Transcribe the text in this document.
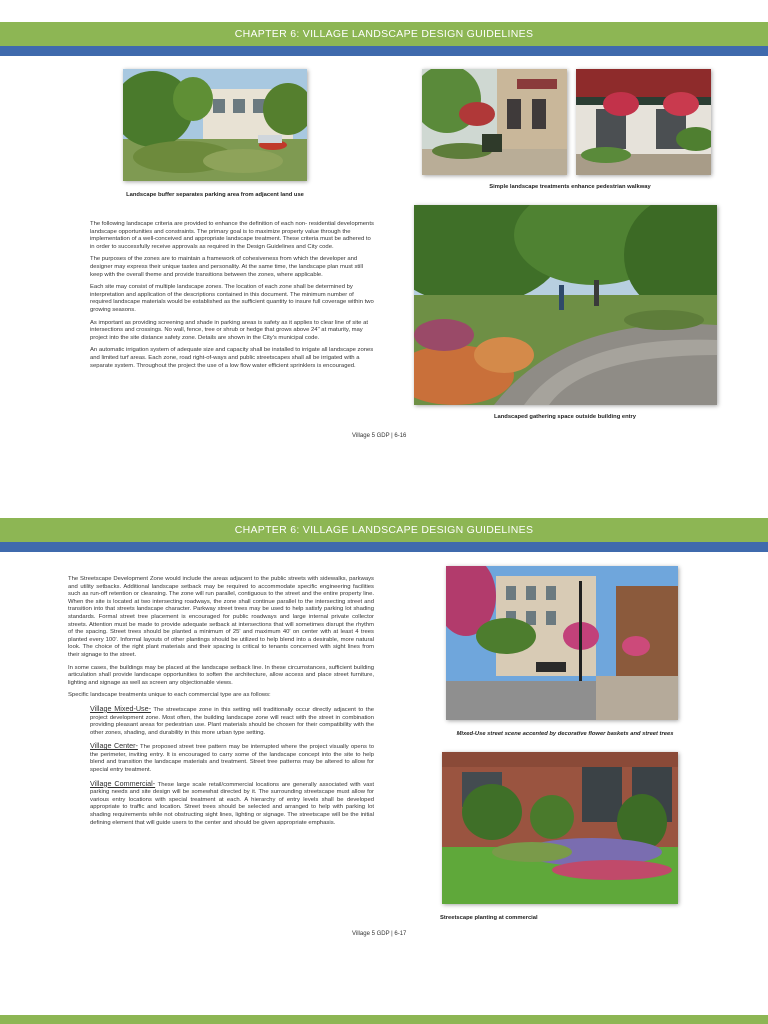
CHAPTER 6: VILLAGE LANDSCAPE DESIGN GUIDELINES
Landscape buffer separates parking area from adjacent land use
Simple landscape treatments enhance pedestrian walkway
Landscaped gathering space outside building entry

The following landscape criteria are provided to enhance the definition of each non- residential developments landscape opportunities and constraints. The primary goal is to maximize property value through the implementation of a well-conceived and appropriate landscape treatment. These criteria must be adhered to in order to successfully receive approvals as required in the Design Guidelines and City code.

The purposes of the zones are to maintain a framework of cohesiveness from which the developer and designer may express their unique tastes and personality. At the same time, the landscape plan must still keep with the overall theme and provide transitions between the zones, where applicable.

Each site may consist of multiple landscape zones. The location of each zone shall be determined by interpretation and application of the descriptions contained in this document. The minimum number of required landscape materials would be established as the sufficient quantity to insure full coverage within two growing seasons.

As important as providing screening and shade in parking areas is safety as it applies to clear line of site at intersections and crossings. No wall, fence, tree or shrub or hedge that grows above 24" at maturity, may project into the site distance safety zone. Details are shown in the City's municipal code.

An automatic irrigation system of adequate size and capacity shall be installed to irrigate all landscape zones and limited turf areas. Each zone, road right-of-ways and public streetscapes shall all be irrigated with a separate system. Throughout the project the use of a low flow water efficient sprinklers is encouraged.

Village 5 GDP | 6-16
CHAPTER 6: VILLAGE LANDSCAPE DESIGN GUIDELINES

The Streetscape Development Zone would include the areas adjacent to the public streets with sidewalks, parkways and utility setbacks. Additional landscape setback may be required to accommodate specific engineering facilities such as run-off retention or cleansing. The zone will run parallel, contiguous to the street and the entire property line. When the site is located at two intersecting roadways, the zone shall continue parallel to the intersecting street and transition into that streets landscape character. Parkway street trees may be used to help satisfy parking lot shading standards. Formal street tree placement is encouraged for public roadways and large internal private collector streets. Attention must be made to provide adequate setback at intersections that will sometimes disrupt the rhythm of the spacing. Street trees should be planted a minimum of 25' and maximum 40' on center with at least 4 trees planted every 100'. Informal layouts of other plantings should be utilized to help blend into a desirable, more natural look. The choice of the right plant materials and their spacing is critical to tenants concerned with sight lines from their signage to the street.

In some cases, the buildings may be placed at the landscape setback line. In these circumstances, sufficient building articulation shall provide landscape opportunities to soften the architecture, allow access and place street furniture, lighting and signage as well as screen any objectionable views.

Specific landscape treatments unique to each commercial type are as follows:

Village Mixed-Use- The streetscape zone in this setting will traditionally occur directly adjacent to the project development zone. Most often, the building landscape zone will react with the street in combination providing pleasant areas for pedestrian use. Plant materials should be chosen for their compatibility with the other zones, shading, and durability in this more urban type setting.

Village Center- The proposed street tree pattern may be interrupted where the project visually opens to the perimeter, inviting entry. It is encouraged to carry some of the landscape concept into the site to help blend and transition the landscape materials and treatment. Street tree patterns may be altered to allow for special entry treatment.

Village Commercial- These large scale retail/commercial locations are generally associated with vast parking needs and site design will be somewhat directed by it. The surrounding streetscape must allow for various entry locations with special treatment at each. A hierarchy of entry levels shall be developed appropriate to traffic and location. Street trees should be selected and arranged to help with parking lot shading requirements while not obstructing sight lines, lighting or signage. The streetscape will be the initial defining element that will guide users to the center and should be given appropriate emphasis.

Mixed-Use street scene accented by decorative flower baskets and street trees
Streetscape planting at commercial
Village 5 GDP | 6-17
